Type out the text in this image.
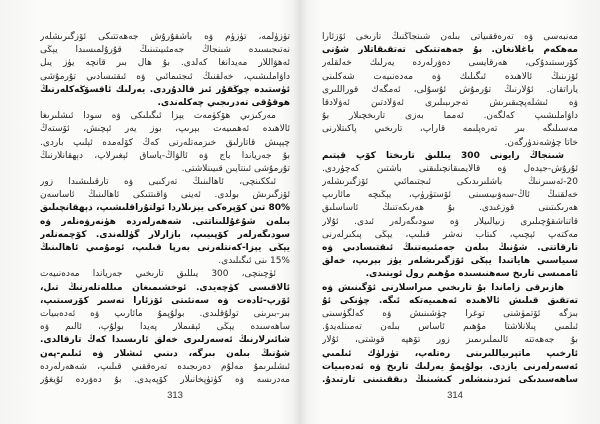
تۈزۈلمە، تۈزۈم ۋە باشقۇرۇش جەھەتتىكى ئۆزگىرىشلەر
نەتىجىسىدە شىنجاڭ جەمئىيىتىنىڭ قۇرۇلمىسىدا يېڭى
ئەھۋاللار مەيدانغا كەلدى. بۇ ھال بىر قانچە يۈز يىل
داۋاملىشىپ، خەلقنىڭ ئىجتىمائىي ۋە ئىقتىسادىي تۇرمۇشى
ئۈستىدە چوڭقۇر ئىز قالدۇردى. يەرلىك ئاقسۆڭەكلەرنىڭ
ھوقۇقى تەدرىجىي چەكلەندى.
مەركىزىي ھۆكۈمەت يېزا ئىگىلىكى ۋە سودا ئىشلىرىغا
ئالاھىدە ئەھمىيەت بېرىپ، بوز يەر ئېچىش، ئۆستەڭ
چېپىش قاتارلىق خىزمەتلەرنى كەڭ كۆلەمدە ئېلىپ باردى.
بۇ جەرياندا باج ۋە ئالۋاڭ-ياساق ئېغىرلاپ، دېھقانلارنىڭ
تۇرمۇشى ئىنتايىن قىيىنلاشتى.
ئىككىنچى، ئاھالىنىڭ تەركىبى ۋە تارقىلىشىدا زور
ئۆزگىرىش بولدى. ئەينى ۋاقىتتىكى ئاھالىنىڭ ئاساسەن
80% تىن كۆپرەكى يېزىلاردا ئولتۇراقلىشىپ، دېھقانچىلىق
بىلەن شۇغۇللىناتتى. شەھەرلەردە ھۈنەرۋەنلەر ۋە
سودىگەرلەر كۆپىيىپ، بازارلار گۈللەندى. كۆچمەنلەر
يېڭى يېزا-كەنتلەرنى بەرپا قىلىپ، ئومۇمىي ئاھالىنىڭ
15% ىنى ئىگىلىدى.
ئۈچىنچى، 300 يىللىق تارىخىي جەرياندا مەدەنىيەت
ئالاقىسى كۈچەيدى. ئوخشىمىغان مىللەتلەرنىڭ تىل،
ئۆرپ-ئادەت ۋە سەنئىتى ئۆزئارا تەسىر كۆرسىتىپ،
بىر-بىرىنى تولۇقلىدى. بولۇپمۇ مائارىپ ۋە ئەدەبىيات
ساھەسىدە يېڭى ئېقىملار پەيدا بولۇپ، ئالىم ۋە
شائىرلارنىڭ ئەسەرلىرى خەلق ئارىسىدا كەڭ تارقالدى.
شۇنىڭ بىلەن بىرگە، دىنىي ئىشلار ۋە ئىلىم-پەن
ئىشلىرىمۇ مەلۇم دەرىجىدە تەرەققىي قىلىپ، شەھەرلەردە
مەدرىسە ۋە كۈتۈپخانىلار كۆپەيدى. بۇ دەۋردە ئۇيغۇر
313
مەنبەسى ۋە تەرەققىياتى بىلەن شىنجاڭنىڭ تارىخى ئۆزئارا
مەھكەم باغلانغان. بۇ جەھەتتىكى تەتقىقاتلار شۇنى
كۆرسىتىدۇكى، ھەرقايسى دەۋرلەردە يەرلىك خەلقلەر
ئۆزىنىڭ ئالاھىدە ئىگىلىك ۋە مەدەنىيەت شەكلىنى
ياراتقان. ئۇلارنىڭ تۇرمۇش ئۇسۇلى، ئەمگەك قوراللىرى
ۋە ئىشلەپچىقىرىش تەجرىبىلىرى ئەۋلادتىن ئەۋلادقا
داۋاملىشىپ كەلگەن. ئەمما بەزى تارىخچىلار بۇ
مەسىلىگە بىر تەرەپلىمە قاراپ، تارىخىي پاكىتلارنى
خاتا چۈشەندۈرگەن.
شىنجاڭ رايونى 300 يىللىق تارىختا كۆپ قېتىم
ئۇرۇش-جېدەل ۋە قالايمىقانچىلىقنى باشتىن كەچۈردى.
20-ئەسىرنىڭ باشلىرىدىكى ئىجتىمائىي ئۆزگىرىشلەر
خەلقنىڭ ئاڭ-سەۋىيىسىنى ئۆستۈرۈپ، يېڭىچە مائارىپ
ھەرىكىتىنى قوزغىدى. بۇ ھەرىكەتنىڭ ئاساسلىق
قاتناشقۇچىلىرى زىيالىيلار ۋە سودىگەرلەر ئىدى. ئۇلار
مەكتەپ ئېچىپ، كىتاب نەشر قىلىپ، يېڭى پىكىرلەرنى
تارقاتتى. شۇنىڭ بىلەن جەمئىيەتنىڭ ئىقتىسادىي ۋە
سىياسىي ھاياتىدا يېڭى ئۆزگىرىشلەر يۈز بېرىپ، خەلق
ئاممىسى تارىخ سەھنىسىدە مۇھىم رول ئوينىدى.
ھازىرقى زاماندا بۇ تارىخىي مىراسلارنى ئۆگىنىش ۋە
تەتقىق قىلىش ئالاھىدە ئەھمىيەتكە ئىگە. چۈنكى ئۇ
بىزگە ئۆتمۈشنى توغرا چۈشىنىش ۋە كەلگۈسىنى
ئىلمىي پىلانلاشتا مۇھىم ئاساس بىلەن تەمىنلەيدۇ.
بۇ جەھەتتە ئالىملىرىمىز زور تۆھپە قوشتى، ئۇلار
ئارخىپ ماتېرىياللىرىنى رەتلەپ، تۈرلۈك ئىلمىي
ئەسەرلەرنى يازدى. بولۇپمۇ يەرلىك تارىخ ۋە ئەدەبىيات
ساھەسىدىكى ئىزدىنىشلەر كىشىنىڭ دىققىتىنى تارتىدۇ.
314
